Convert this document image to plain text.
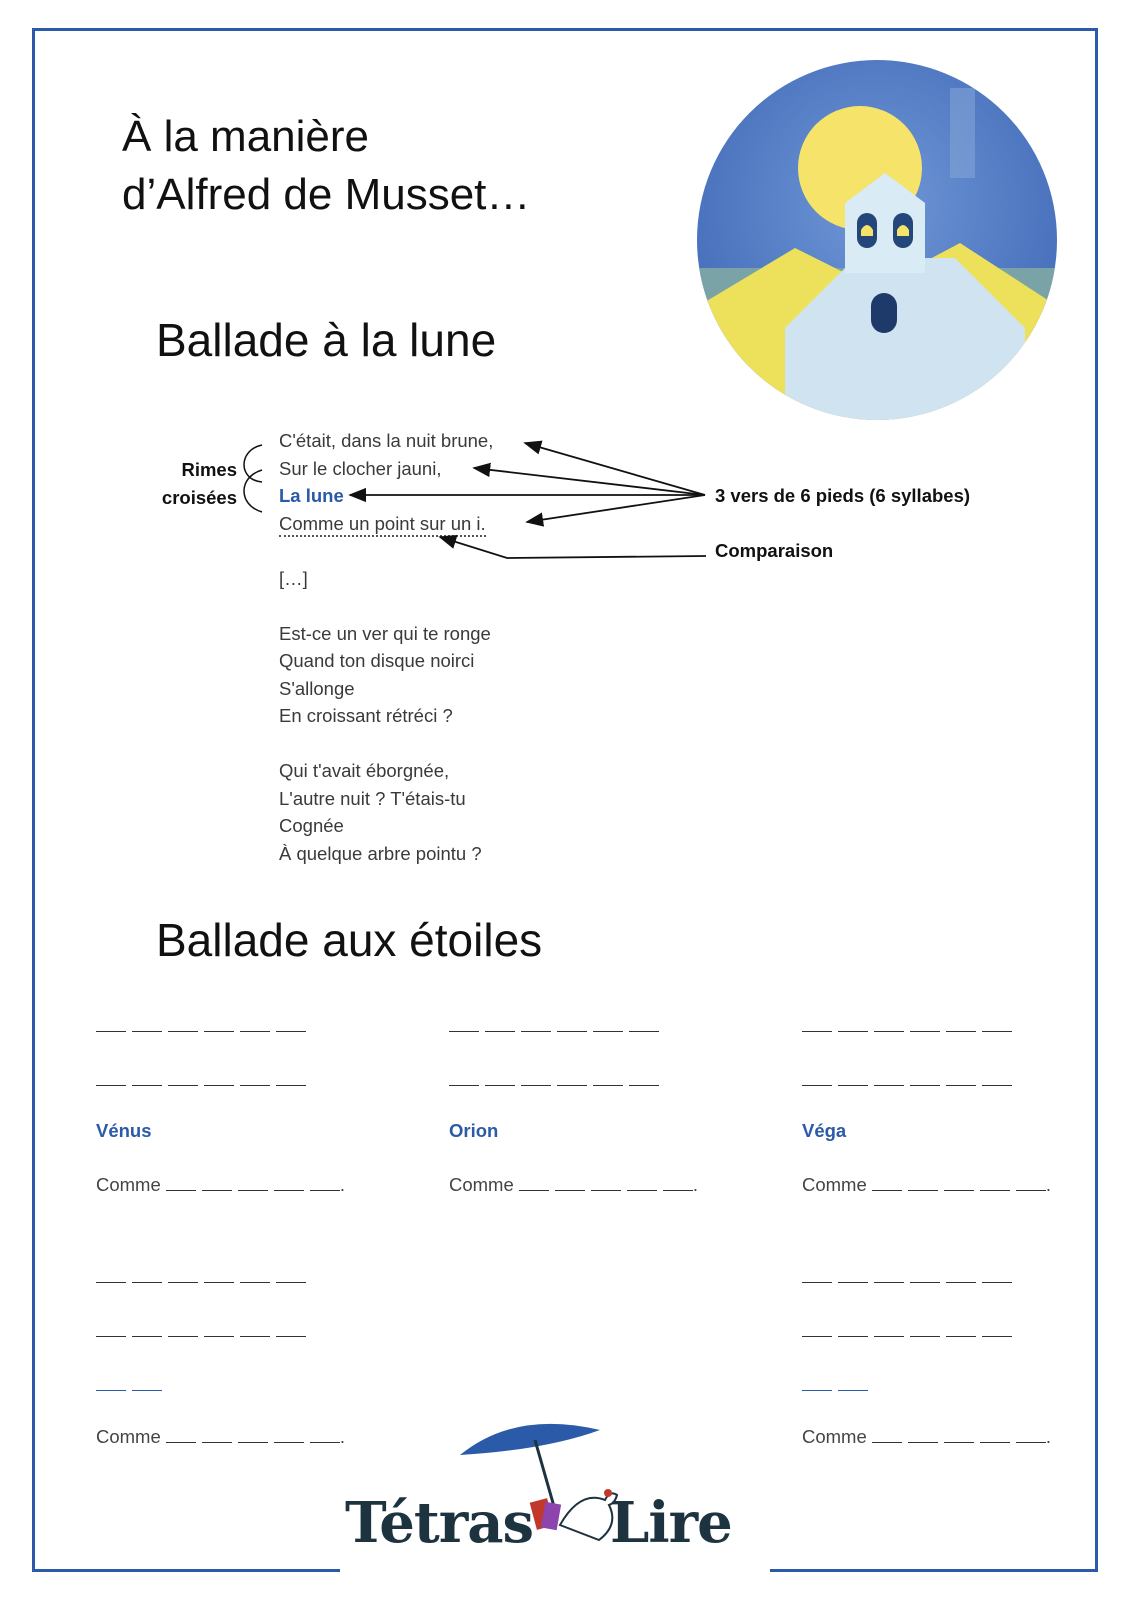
À la manière
d’Alfred de Musset…
Ballade à la lune
Rimes
croisées
C'était, dans la nuit brune,
Sur le clocher jauni,
La lune
Comme un point sur un i.
[…]
Est-ce un ver qui te ronge
Quand ton disque noirci
S'allonge
En croissant rétréci ?
Qui t'avait éborgnée,
L'autre nuit ? T'étais-tu
Cognée
À quelque arbre pointu ?
3 vers de 6 pieds (6 syllabes)
Comparaison
Ballade aux étoiles
Vénus
Comme	.
Orion
Comme	.
Véga
Comme	.
Comme	.	Comme	.
Tétras Lire
